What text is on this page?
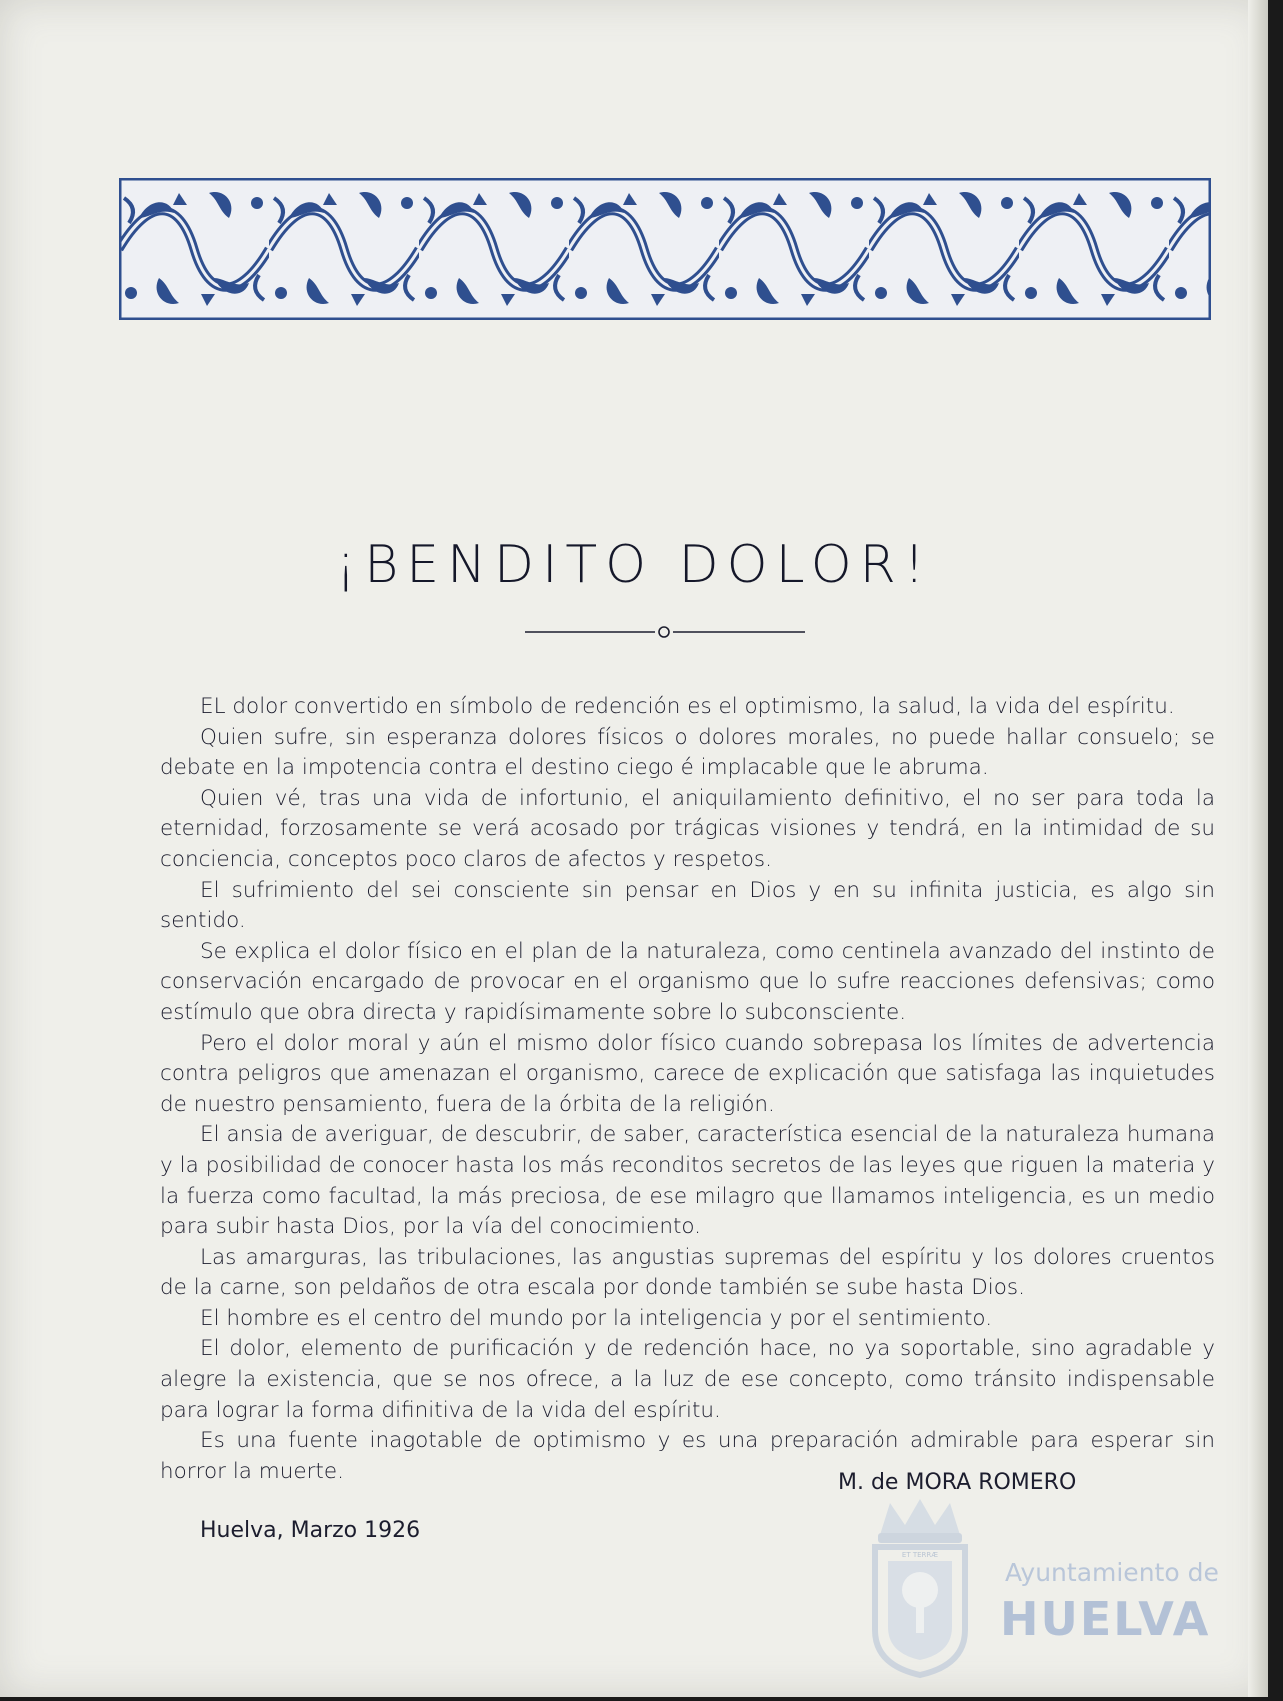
¡BENDITO DOLOR!

EL dolor convertido en símbolo de redención es el optimismo, la salud, la vida del espíritu.

Quien sufre, sin esperanza dolores físicos o dolores morales, no puede hallar consuelo; se debate en la impotencia contra el destino ciego é implacable que le abruma.

Quien vé, tras una vida de infortunio, el aniquilamiento definitivo, el no ser para toda la eternidad, forzosamente se verá acosado por trágicas visiones y tendrá, en la intimidad de su conciencia, conceptos poco claros de afectos y respetos.

El sufrimiento del sei consciente sin pensar en Dios y en su infinita justicia, es algo sin sentido.

Se explica el dolor físico en el plan de la naturaleza, como centinela avanzado del instinto de conservación encargado de provocar en el organismo que lo sufre reacciones defensivas; como estímulo que obra directa y rapidísimamente sobre lo subconsciente.

Pero el dolor moral y aún el mismo dolor físico cuando sobrepasa los límites de advertencia contra peligros que amenazan el organismo, carece de explicación que satisfaga las inquietudes de nuestro pensamiento, fuera de la órbita de la religión.

El ansia de averiguar, de descubrir, de saber, característica esencial de la naturaleza humana y la posibilidad de conocer hasta los más reconditos secretos de las leyes que riguen la materia y la fuerza como facultad, la más preciosa, de ese milagro que llamamos inteligencia, es un medio para subir hasta Dios, por la vía del conocimiento.

Las amarguras, las tribulaciones, las angustias supremas del espíritu y los dolores cruentos de la carne, son peldaños de otra escala por donde también se sube hasta Dios.

El hombre es el centro del mundo por la inteligencia y por el sentimiento.

El dolor, elemento de purificación y de redención hace, no ya soportable, sino agradable y alegre la existencia, que se nos ofrece, a la luz de ese concepto, como tránsito indispensable para lograr la forma difinitiva de la vida del espíritu.

Es una fuente inagotable de optimismo y es una preparación admirable para esperar sin horror la muerte.	M. de MORA ROMERO
Huelva, Marzo 1926
ET TERRÆ
Ayuntamiento de
HUELVA
